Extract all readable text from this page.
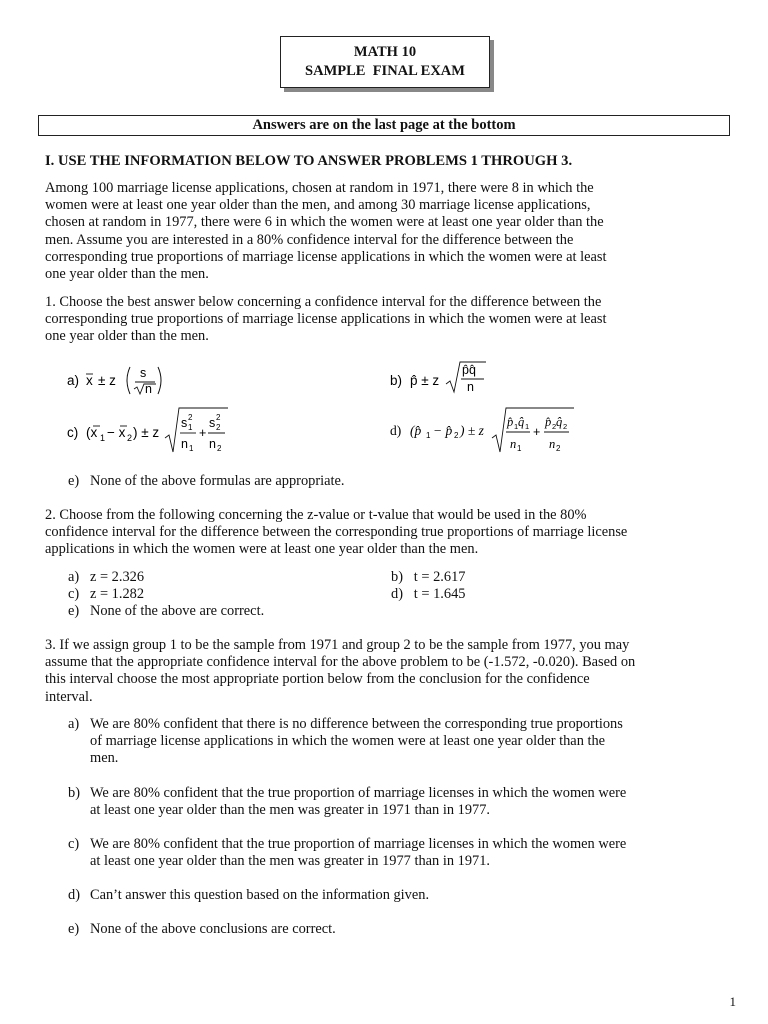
MATH 10
SAMPLE  FINAL EXAM
Answers are on the last page at the bottom
I. USE THE INFORMATION BELOW TO ANSWER PROBLEMS 1 THROUGH 3.
Among 100 marriage license applications, chosen at random in 1971, there were 8 in which the
women were at least one year older than the men, and among 30 marriage license applications,
chosen at random in 1977, there were 6 in which the women were at least one year older than the
men. Assume you are interested in a 80% confidence interval for the difference between the
corresponding true proportions of marriage license applications in which the women were at least
one year older than the men.
1. Choose the best answer below concerning a confidence interval for the difference between the
corresponding true proportions of marriage license applications in which the women were at least
one year older than the men.
a) x ± z s
n
b) p̂ ± z
p̂q̂
n
c) (x 1 − x 2 ) ± z
s 2
1
n 1
+
s 2
2
n 2
d) (p̂ 1 − p̂ 2 ) ± z
p̂ 1 q̂ 1
n 1
+
p̂ 2 q̂ 2
n 2
e)   None of the above formulas are appropriate.
2. Choose from the following concerning the z-value or t-value that would be used in the 80%
confidence interval for the difference between the corresponding true proportions of marriage license
applications in which the women were at least one year older than the men.
a)   z = 2.326	b)   t = 2.617
c)   z = 1.282	d)   t = 1.645
e)   None of the above are correct.
3. If we assign group 1 to be the sample from 1971 and group 2 to be the sample from 1977, you may
assume that the appropriate confidence interval for the above problem to be (-1.572, -0.020). Based on
this interval choose the most appropriate portion below from the conclusion for the confidence
interval.
a) We are 80% confident that there is no difference between the corresponding true proportions
of marriage license applications in which the women were at least one year older than the
men.
b) We are 80% confident that the true proportion of marriage licenses in which the women were
at least one year older than the men was greater in 1971 than in 1977.
c) We are 80% confident that the true proportion of marriage licenses in which the women were
at least one year older than the men was greater in 1977 than in 1971.
d) Can’t answer this question based on the information given.
e) None of the above conclusions are correct.
1
